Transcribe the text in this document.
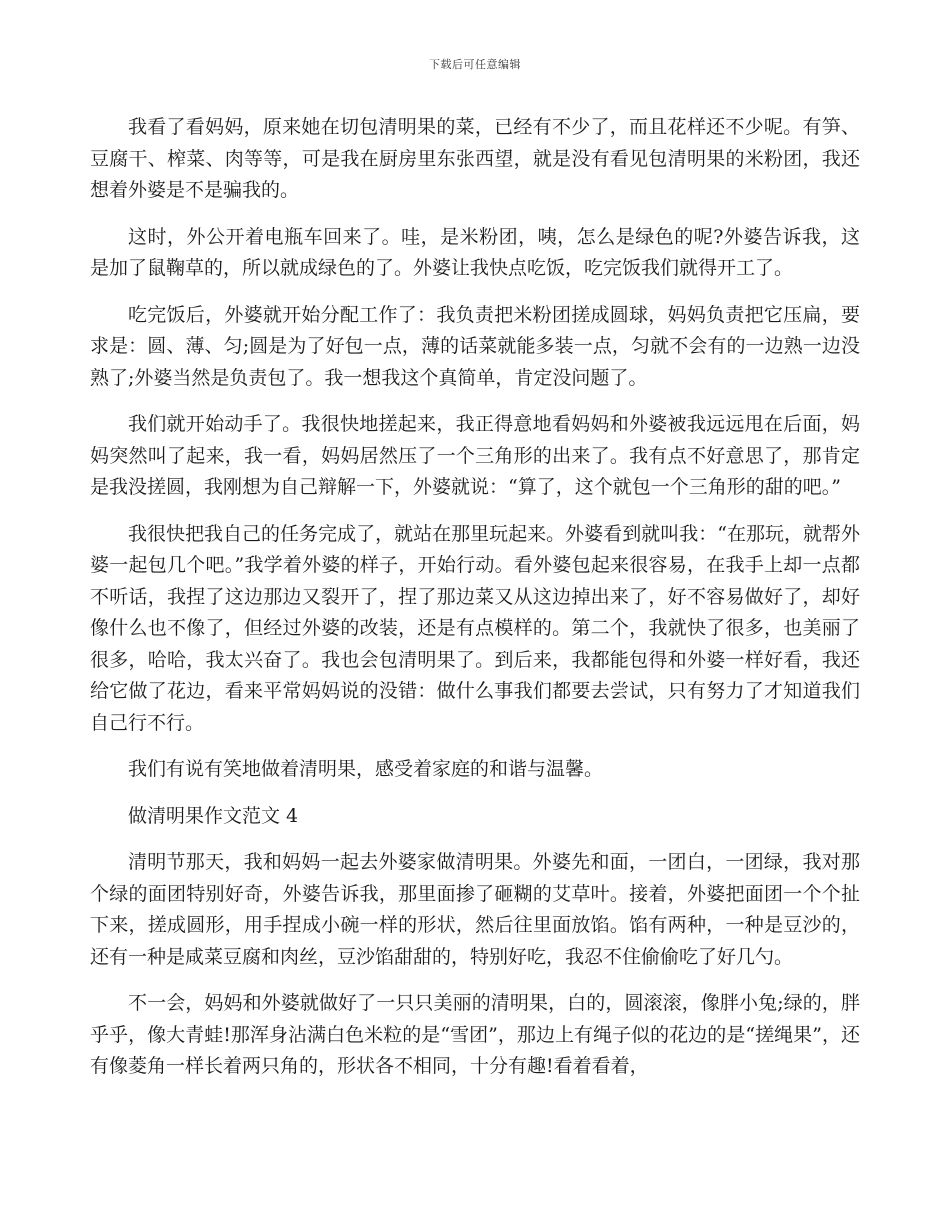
下载后可任意编辑

我看了看妈妈，原来她在切包清明果的菜，已经有不少了，而且花样还不少呢。有笋、豆腐干、榨菜、肉等等，可是我在厨房里东张西望，就是没有看见包清明果的米粉团，我还想着外婆是不是骗我的。

这时，外公开着电瓶车回来了。哇，是米粉团，咦，怎么是绿色的呢?外婆告诉我，这是加了鼠鞠草的，所以就成绿色的了。外婆让我快点吃饭，吃完饭我们就得开工了。

吃完饭后，外婆就开始分配工作了：我负责把米粉团搓成圆球，妈妈负责把它压扁，要求是：圆、薄、匀;圆是为了好包一点，薄的话菜就能多装一点，匀就不会有的一边熟一边没熟了;外婆当然是负责包了。我一想我这个真简单，肯定没问题了。

我们就开始动手了。我很快地搓起来，我正得意地看妈妈和外婆被我远远甩在后面，妈妈突然叫了起来，我一看，妈妈居然压了一个三角形的出来了。我有点不好意思了，那肯定是我没搓圆，我刚想为自己辩解一下，外婆就说：“算了，这个就包一个三角形的甜的吧。”

我很快把我自己的任务完成了，就站在那里玩起来。外婆看到就叫我：“在那玩，就帮外婆一起包几个吧。”我学着外婆的样子，开始行动。看外婆包起来很容易，在我手上却一点都不听话，我捏了这边那边又裂开了，捏了那边菜又从这边掉出来了，好不容易做好了，却好像什么也不像了，但经过外婆的改装，还是有点模样的。第二个，我就快了很多，也美丽了很多，哈哈，我太兴奋了。我也会包清明果了。到后来，我都能包得和外婆一样好看，我还给它做了花边，看来平常妈妈说的没错：做什么事我们都要去尝试，只有努力了才知道我们自己行不行。

我们有说有笑地做着清明果，感受着家庭的和谐与温馨。

做清明果作文范文 4

清明节那天，我和妈妈一起去外婆家做清明果。外婆先和面，一团白，一团绿，我对那个绿的面团特别好奇，外婆告诉我，那里面掺了砸糊的艾草叶。接着，外婆把面团一个个扯下来，搓成圆形，用手捏成小碗一样的形状，然后往里面放馅。馅有两种，一种是豆沙的，还有一种是咸菜豆腐和肉丝，豆沙馅甜甜的，特别好吃，我忍不住偷偷吃了好几勺。

不一会，妈妈和外婆就做好了一只只美丽的清明果，白的，圆滚滚，像胖小兔;绿的，胖乎乎，像大青蛙!那浑身沾满白色米粒的是“雪团”，那边上有绳子似的花边的是“搓绳果”，还有像菱角一样长着两只角的，形状各不相同，十分有趣!看着看着，
